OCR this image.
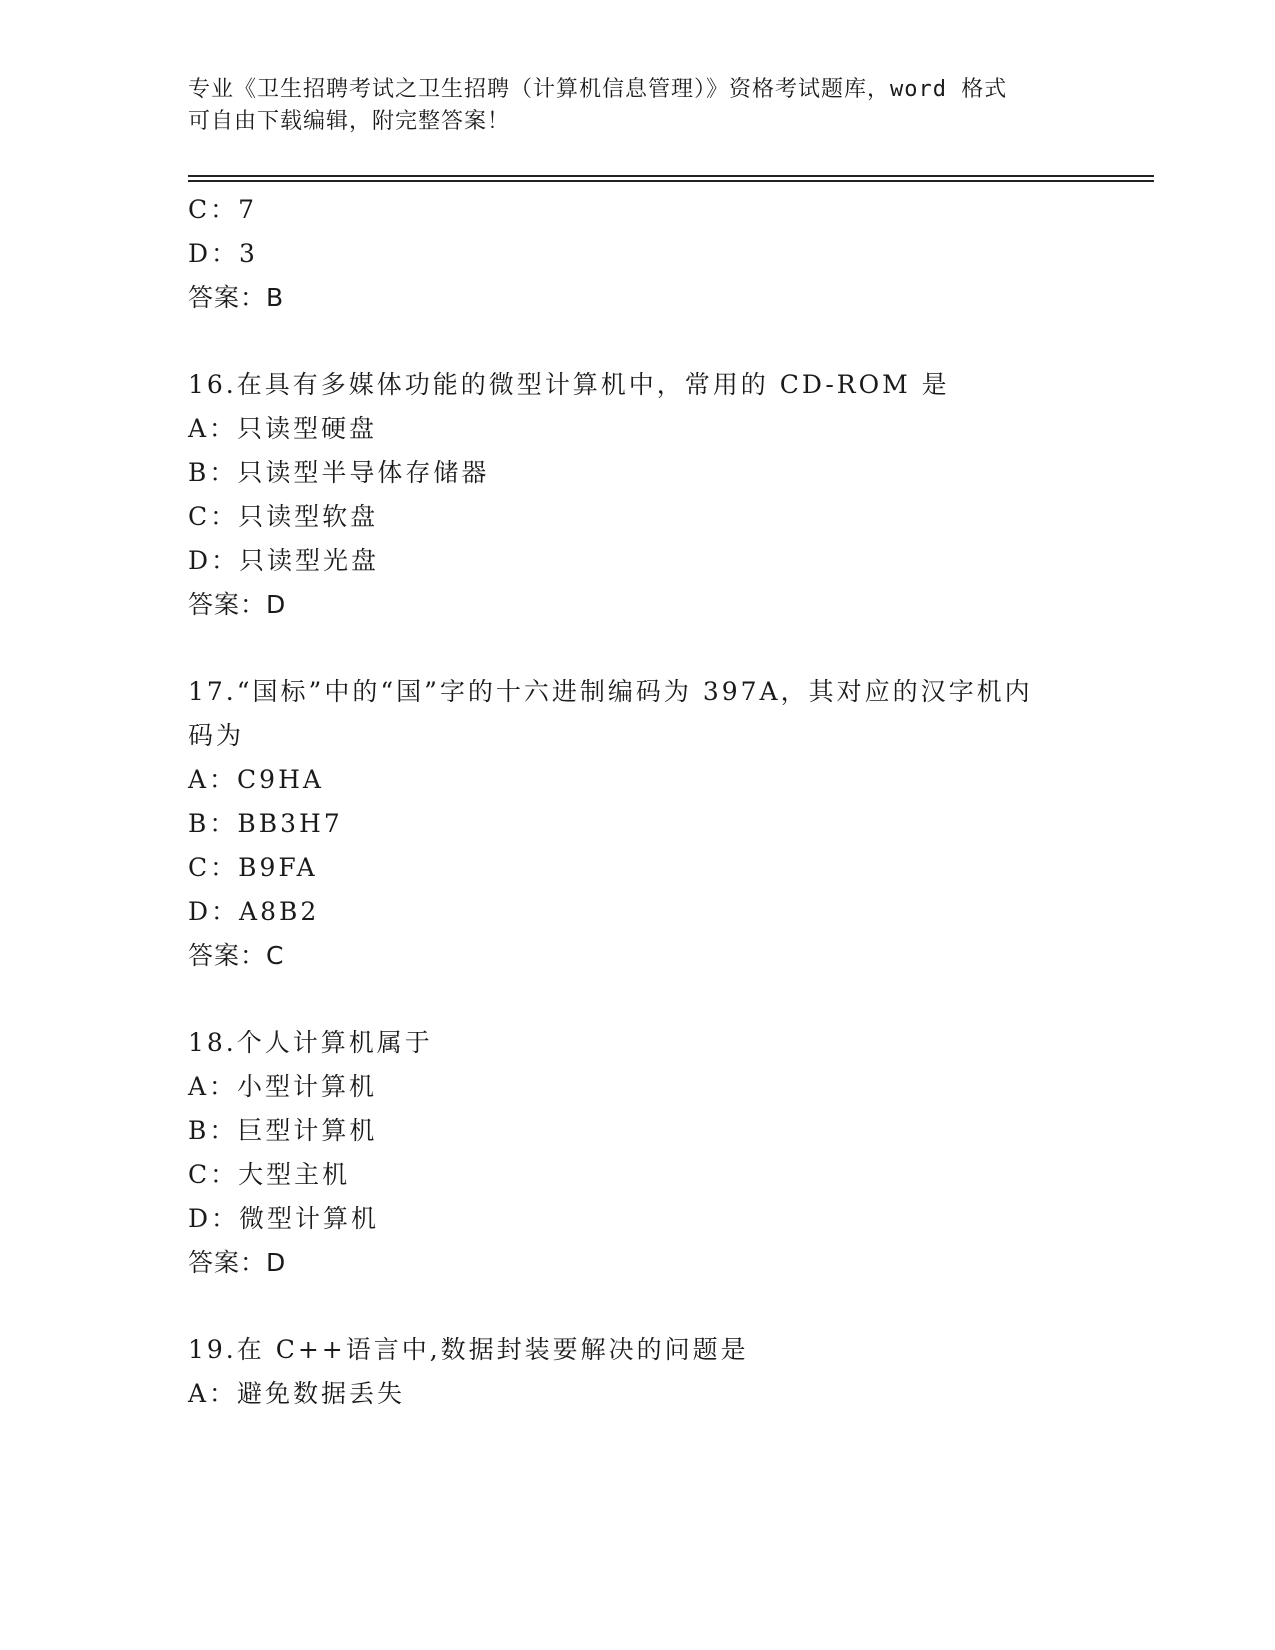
专业《卫生招聘考试之卫生招聘（计算机信息管理）》资格考试题库，word 格式
可自由下载编辑，附完整答案！
C：7
D：3
答案：B
16.在具有多媒体功能的微型计算机中，常用的 CD-ROM 是
A：只读型硬盘
B：只读型半导体存储器
C：只读型软盘
D：只读型光盘
答案：D
17.“国标”中的“国”字的十六进制编码为 397A，其对应的汉字机内
码为
A：C9HA
B：BB3H7
C：B9FA
D：A8B2
答案：C
18.个人计算机属于
A：小型计算机
B：巨型计算机
C：大型主机
D：微型计算机
答案：D
19.在 C++语言中,数据封装要解决的问题是
A：避免数据丢失
